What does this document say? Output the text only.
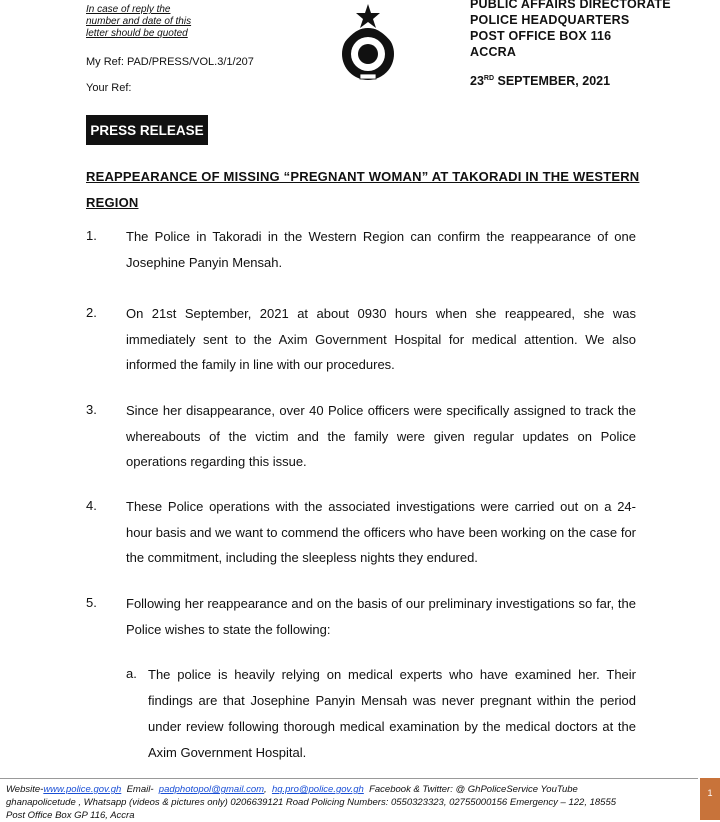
In case of reply the
number and date of this
letter should be quoted
My Ref: PAD/PRESS/VOL.3/1/207
Your Ref:
PUBLIC AFFAIRS DIRECTORATE
POLICE HEADQUARTERS
POST OFFICE BOX 116
ACCRA
23RD SEPTEMBER, 2021
PRESS RELEASE
REAPPEARANCE OF MISSING “PREGNANT WOMAN” AT TAKORADI IN THE WESTERN REGION
1. The Police in Takoradi in the Western Region can confirm the reappearance of one Josephine Panyin Mensah.
2. On 21st September, 2021 at about 0930 hours when she reappeared, she was immediately sent to the Axim Government Hospital for medical attention. We also informed the family in line with our procedures.
3. Since her disappearance, over 40 Police officers were specifically assigned to track the whereabouts of the victim and the family were given regular updates on Police operations regarding this issue.
4. These Police operations with the associated investigations were carried out on a 24-hour basis and we want to commend the officers who have been working on the case for the commitment, including the sleepless nights they endured.
5. Following her reappearance and on the basis of our preliminary investigations so far, the Police wishes to state the following:
a. The police is heavily relying on medical experts who have examined her. Their findings are that Josephine Panyin Mensah was never pregnant within the period under review following thorough medical examination by the medical doctors at the Axim Government Hospital.
Website-www.police.gov.gh Email- padphotopol@gmail.com,  hq.pro@police.gov.gh Facebook & Twitter: @ GhPoliceService YouTube
ghanapolicetude , Whatsapp (videos & pictures only) 0206639121 Road Policing Numbers: 0550323323, 02755000156 Emergency – 122, 18555
Post Office Box GP 116, Accra
1
